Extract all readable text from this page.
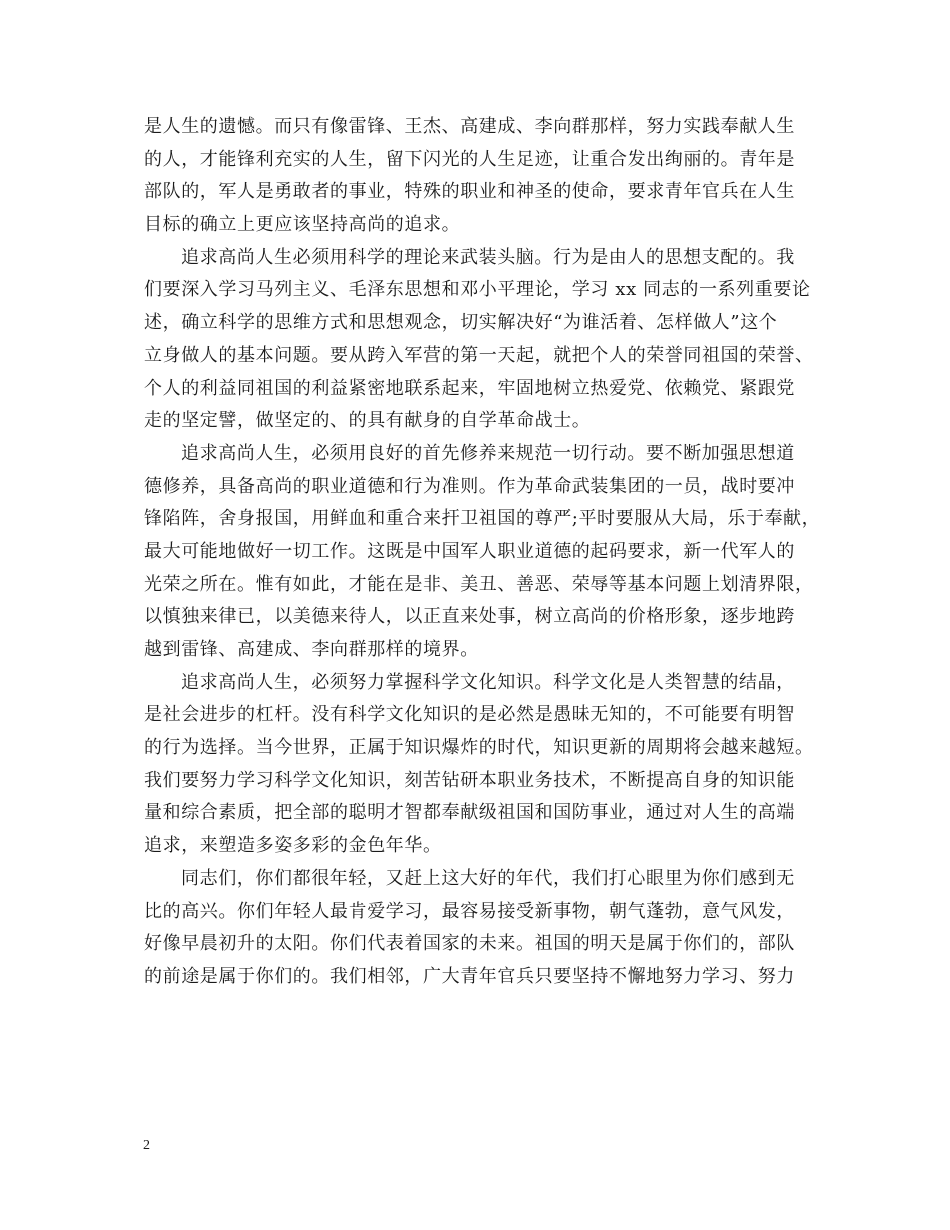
是人生的遗憾。而只有像雷锋、王杰、高建成、李向群那样，努力实践奉献人生
的人，才能锋利充实的人生，留下闪光的人生足迹，让重合发出绚丽的。青年是
部队的，军人是勇敢者的事业，特殊的职业和神圣的使命，要求青年官兵在人生
目标的确立上更应该坚持高尚的追求。
追求高尚人生必须用科学的理论来武装头脑。行为是由人的思想支配的。我
们要深入学习马列主义、毛泽东思想和邓小平理论，学习 xx 同志的一系列重要论
述，确立科学的思维方式和思想观念，切实解决好“为谁活着、怎样做人”这个
立身做人的基本问题。要从跨入军营的第一天起，就把个人的荣誉同祖国的荣誉、
个人的利益同祖国的利益紧密地联系起来，牢固地树立热爱党、依赖党、紧跟党
走的坚定譬，做坚定的、的具有献身的自学革命战士。
追求高尚人生，必须用良好的首先修养来规范一切行动。要不断加强思想道
德修养，具备高尚的职业道德和行为准则。作为革命武装集团的一员，战时要冲
锋陷阵，舍身报国，用鲜血和重合来扞卫祖国的尊严;平时要服从大局，乐于奉献，
最大可能地做好一切工作。这既是中国军人职业道德的起码要求，新一代军人的
光荣之所在。惟有如此，才能在是非、美丑、善恶、荣辱等基本问题上划清界限，
以慎独来律已，以美德来待人，以正直来处事，树立高尚的价格形象，逐步地跨
越到雷锋、高建成、李向群那样的境界。
追求高尚人生，必须努力掌握科学文化知识。科学文化是人类智慧的结晶，
是社会进步的杠杆。没有科学文化知识的是必然是愚昧无知的，不可能要有明智
的行为选择。当今世界，正属于知识爆炸的时代，知识更新的周期将会越来越短。
我们要努力学习科学文化知识，刻苦钻研本职业务技术，不断提高自身的知识能
量和综合素质，把全部的聪明才智都奉献级祖国和国防事业，通过对人生的高端
追求，来塑造多姿多彩的金色年华。
同志们，你们都很年轻，又赶上这大好的年代，我们打心眼里为你们感到无
比的高兴。你们年轻人最肯爱学习，最容易接受新事物，朝气蓬勃，意气风发，
好像早晨初升的太阳。你们代表着国家的未来。祖国的明天是属于你们的，部队
的前途是属于你们的。我们相邻，广大青年官兵只要坚持不懈地努力学习、努力
2
